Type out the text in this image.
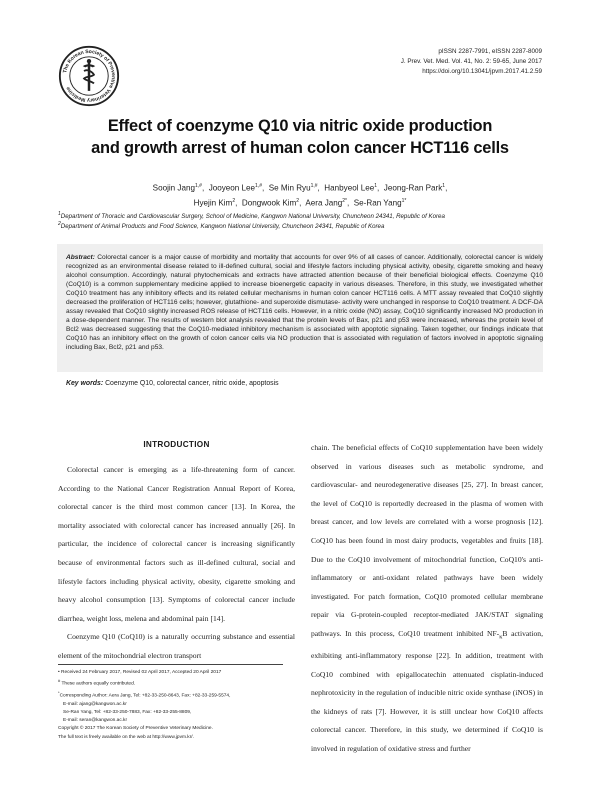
The Korean Society of Preventive Veterinary Medicine
pISSN 2287-7991, eISSN 2287-8009
J. Prev. Vet. Med. Vol. 41, No. 2: 59-65, June 2017
https://doi.org/10.13041/jpvm.2017.41.2.59
Effect of coenzyme Q10 via nitric oxide production
and growth arrest of human colon cancer HCT116 cells
Soojin Jang$^{1,\#}$,  Jooyeon Lee$^{1,\#}$,  Se Min Ryu$^{1,\#}$,  Hanbyeol Lee$^1$,  Jeong-Ran Park$^1$,
Hyejin Kim$^2$,  Dongwook Kim$^2$,  Aera Jang$^{2*}$,  Se-Ran Yang$^{1*}$
$^1$Department of Thoracic and Cardiovascular Surgery, School of Medicine, Kangwon National University, Chuncheon 24341, Republic of Korea
$^2$Department of Animal Products and Food Science, Kangwon National University, Chuncheon 24341, Republic of Korea

Abstract: Colorectal cancer is a major cause of morbidity and mortality that accounts for over 9% of all cases of cancer. Additionally, colorectal cancer is widely recognized as an environmental disease related to ill-defined cultural, social and lifestyle factors including physical activity, obesity, cigarette smoking and heavy alcohol consumption. Accordingly, natural phytochemicals and extracts have attracted attention because of their beneficial biological effects. Coenzyme Q10 (CoQ10) is a common supplementary medicine applied to increase bioenergetic capacity in various diseases. Therefore, in this study, we investigated whether CoQ10 treatment has any inhibitory effects and its related cellular mechanisms in human colon cancer HCT116 cells. A MTT assay revealed that CoQ10 slightly decreased the proliferation of HCT116 cells; however, glutathione- and superoxide dismutase- activity were unchanged in response to CoQ10 treatment. A DCF-DA assay revealed that CoQ10 slightly increased ROS release of HCT116 cells. However, in a nitric oxide (NO) assay, CoQ10 significantly increased NO production in a dose-dependent manner. The results of western blot analysis revealed that the protein levels of Bax, p21 and p53 were increased, whereas the protein level of Bcl2 was decreased suggesting that the CoQ10-mediated inhibitory mechanism is associated with apoptotic signaling. Taken together, our findings indicate that CoQ10 has an inhibitory effect on the growth of colon cancer cells via NO production that is associated with regulation of factors involved in apoptotic signaling including Bax, Bcl2, p21 and p53.

Key words: Coenzyme Q10, colorectal cancer, nitric oxide, apoptosis
INTRODUCTION

Colorectal cancer is emerging as a life-threatening form of cancer. According to the National Cancer Registration Annual Report of Korea, colorectal cancer is the third most common cancer [13]. In Korea, the mortality associated with colorectal cancer has increased annually [26]. In particular, the incidence of colorectal cancer is increasing significantly because of environmental factors such as ill-defined cultural, social and lifestyle factors including physical activity, obesity, cigarette smoking and heavy alcohol consumption [13]. Symptoms of colorectal cancer include diarrhea, weight loss, melena and abdominal pain [14].

Coenzyme Q10 (CoQ10) is a naturally occurring substance and essential element of the mitochondrial electron transport

chain. The beneficial effects of CoQ10 supplementation have been widely observed in various diseases such as metabolic syndrome, and cardiovascular- and neurodegenerative diseases [25, 27]. In breast cancer, the level of CoQ10 is reportedly decreased in the plasma of women with breast cancer, and low levels are correlated with a worse prognosis [12]. CoQ10 has been found in most dairy products, vegetables and fruits [18]. Due to the CoQ10 involvement of mitochondrial function, CoQ10's anti-inflammatory or anti-oxidant related pathways have been widely investigated. For patch formation, CoQ10 promoted cellular membrane repair via G-protein-coupled receptor-mediated JAK/STAT signaling pathways. In this process, CoQ10 treatment inhibited $NF-_\kappa B$ activation, exhibiting anti-inflammatory response [22]. In addition, treatment with CoQ10 combined with epigallocatechin attenuated cisplatin-induced nephrotoxicity in the regulation of inducible nitric oxide synthase (iNOS) in the kidneys of rats [7]. However, it is still unclear how CoQ10 affects colorectal cancer. Therefore, in this study, we determined if CoQ10 is involved in regulation of oxidative stress and further

• Received 24 February 2017, Revised 02 April 2017, Accepted 20 April 2017
# These authors equally contributed.
*Corresponding Author: Aera Jang, Tel: +82-33-250-8643, Fax: +82-33-259-5574,
E-mail: ajang@kangwon.ac.kr
Se-Ran Yang, Tel: +82-33-250-7883, Fax: +82-33-255-8809,
E-mail: seran@kangwon.ac.kr
Copyright © 2017 The Korean Society of Preventive Veterinary Medicine.
The full text is freely available on the web at http://www.jpvm.kr/.
